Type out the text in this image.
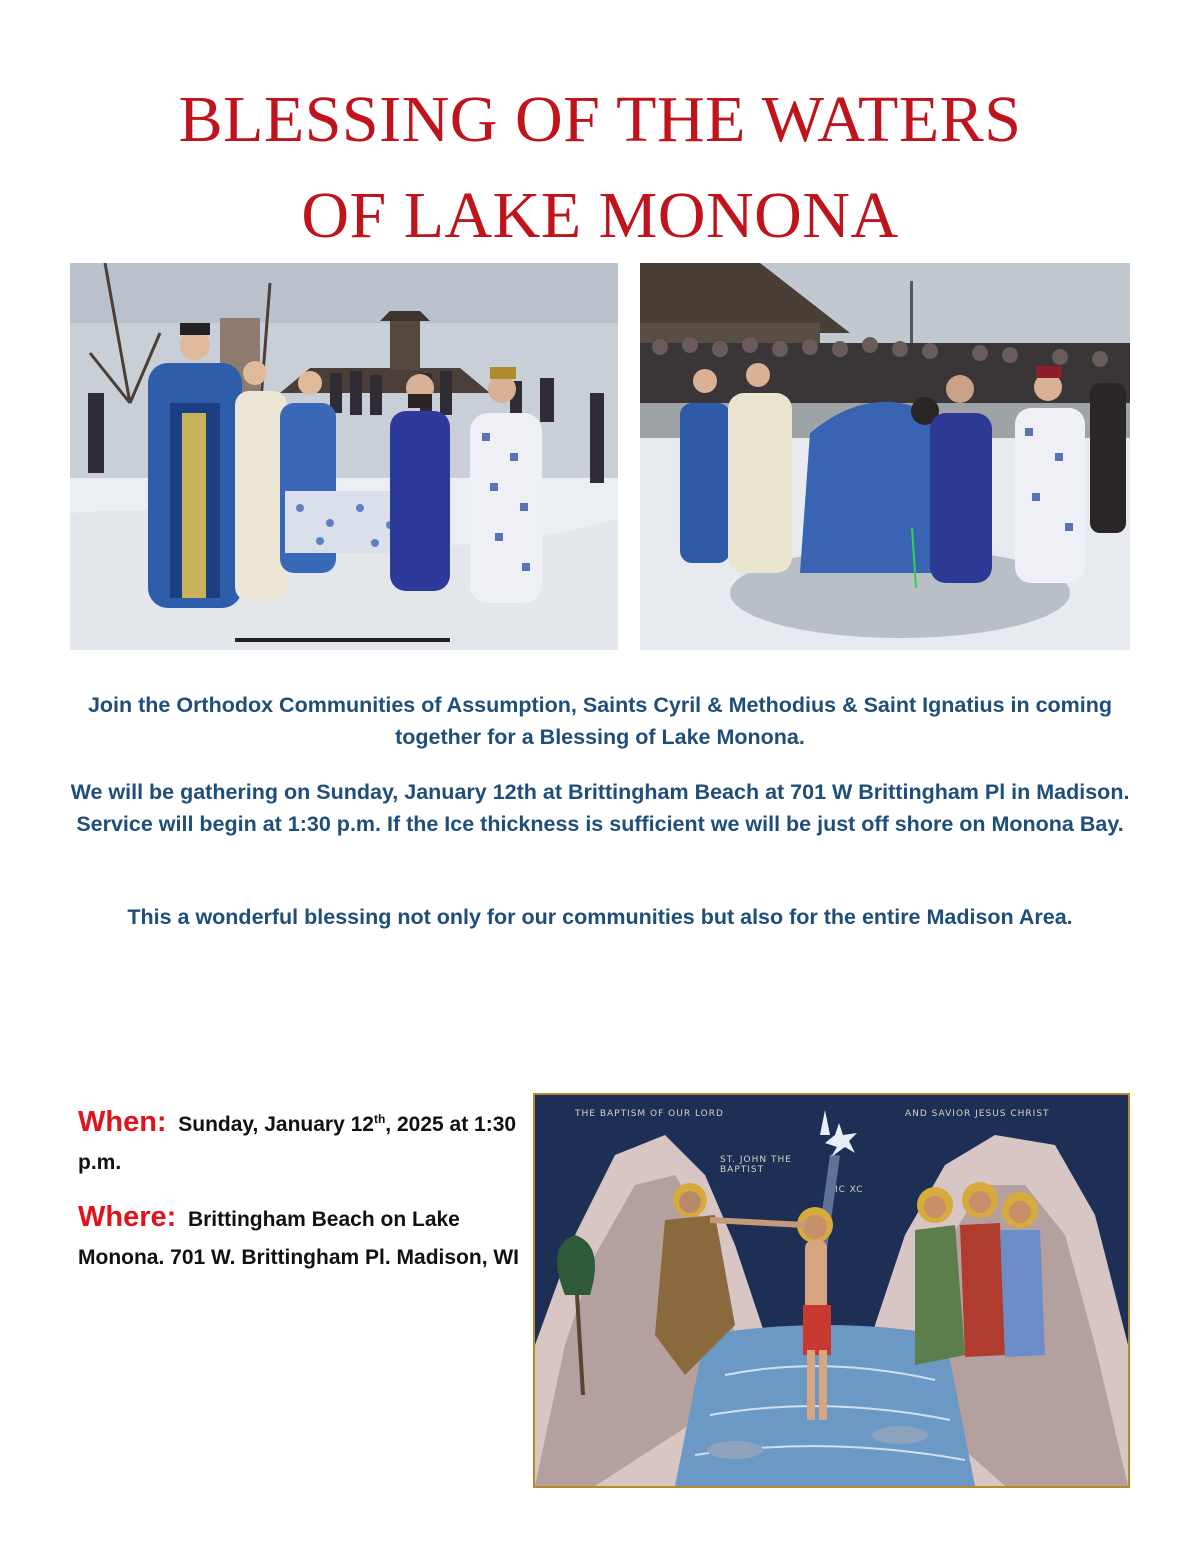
BLESSING OF THE WATERS
OF LAKE MONONA

Join the Orthodox Communities of Assumption, Saints Cyril & Methodius & Saint Ignatius in coming together for a Blessing of Lake Monona.

We will be gathering on Sunday, January 12th at Brittingham Beach at 701 W Brittingham Pl in Madison. Service will begin at 1:30 p.m. If the Ice thickness is sufficient we will be just off shore on Monona Bay.

This a wonderful blessing not only for our communities but also for the entire Madison Area.

When: Sunday, January 12th, 2025 at 1:30 p.m.
Where: Brittingham Beach on Lake Monona. 701 W. Brittingham Pl. Madison, WI
THE BAPTISM OF OUR LORD	AND SAVIOR JESUS CHRIST
ST. JOHN THE BAPTIST
IC XC
